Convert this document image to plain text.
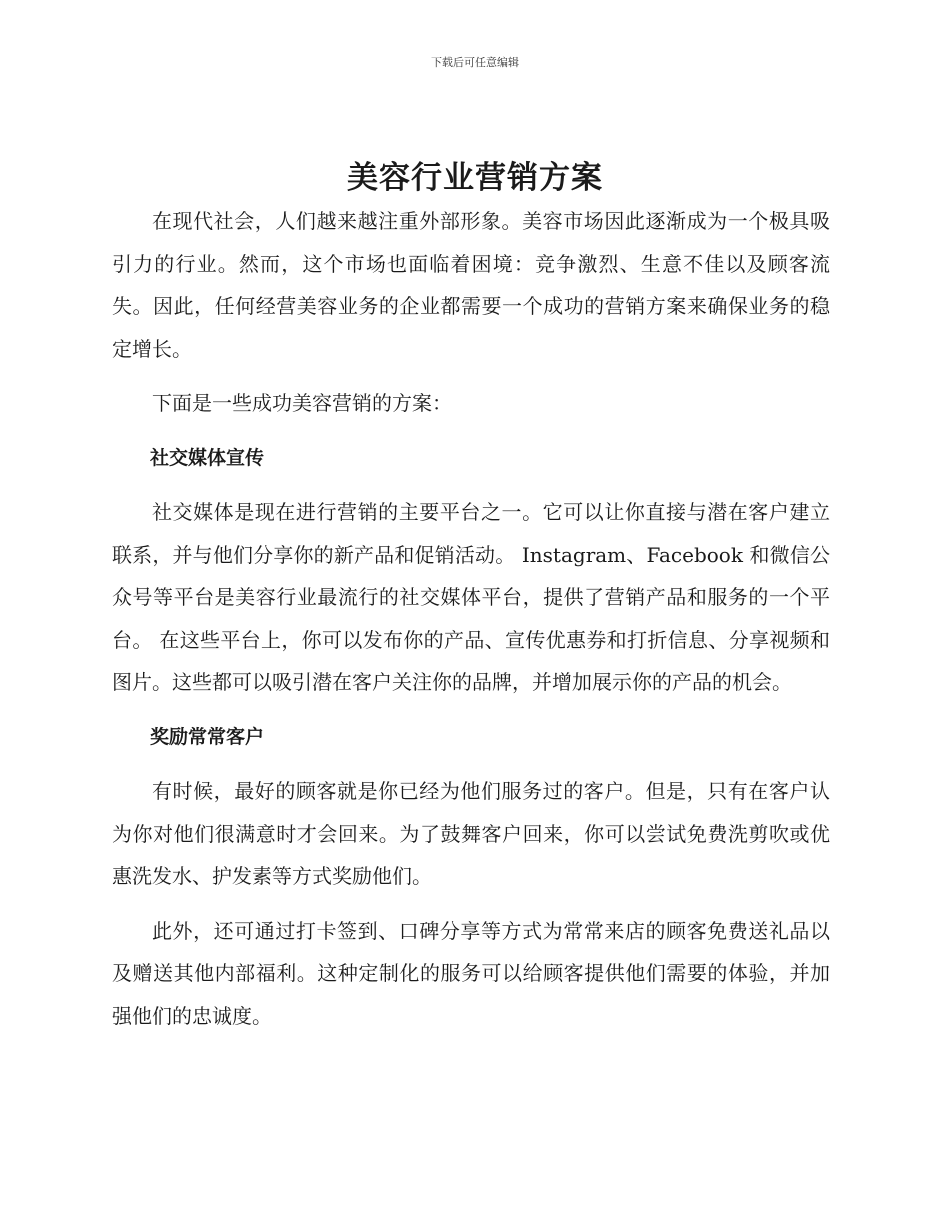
下载后可任意编辑
美容行业营销方案

在现代社会，人们越来越注重外部形象。美容市场因此逐渐成为一个极具吸引力的行业。然而，这个市场也面临着困境：竞争激烈、生意不佳以及顾客流失。因此，任何经营美容业务的企业都需要一个成功的营销方案来确保业务的稳定增长。

下面是一些成功美容营销的方案：

社交媒体宣传

社交媒体是现在进行营销的主要平台之一。它可以让你直接与潜在客户建立联系，并与他们分享你的新产品和促销活动。 Instagram、Facebook 和微信公众号等平台是美容行业最流行的社交媒体平台，提供了营销产品和服务的一个平台。 在这些平台上，你可以发布你的产品、宣传优惠券和打折信息、分享视频和图片。这些都可以吸引潜在客户关注你的品牌，并增加展示你的产品的机会。

奖励常常客户

有时候，最好的顾客就是你已经为他们服务过的客户。但是，只有在客户认为你对他们很满意时才会回来。为了鼓舞客户回来，你可以尝试免费洗剪吹或优惠洗发水、护发素等方式奖励他们。

此外，还可通过打卡签到、口碑分享等方式为常常来店的顾客免费送礼品以及赠送其他内部福利。这种定制化的服务可以给顾客提供他们需要的体验，并加强他们的忠诚度。
